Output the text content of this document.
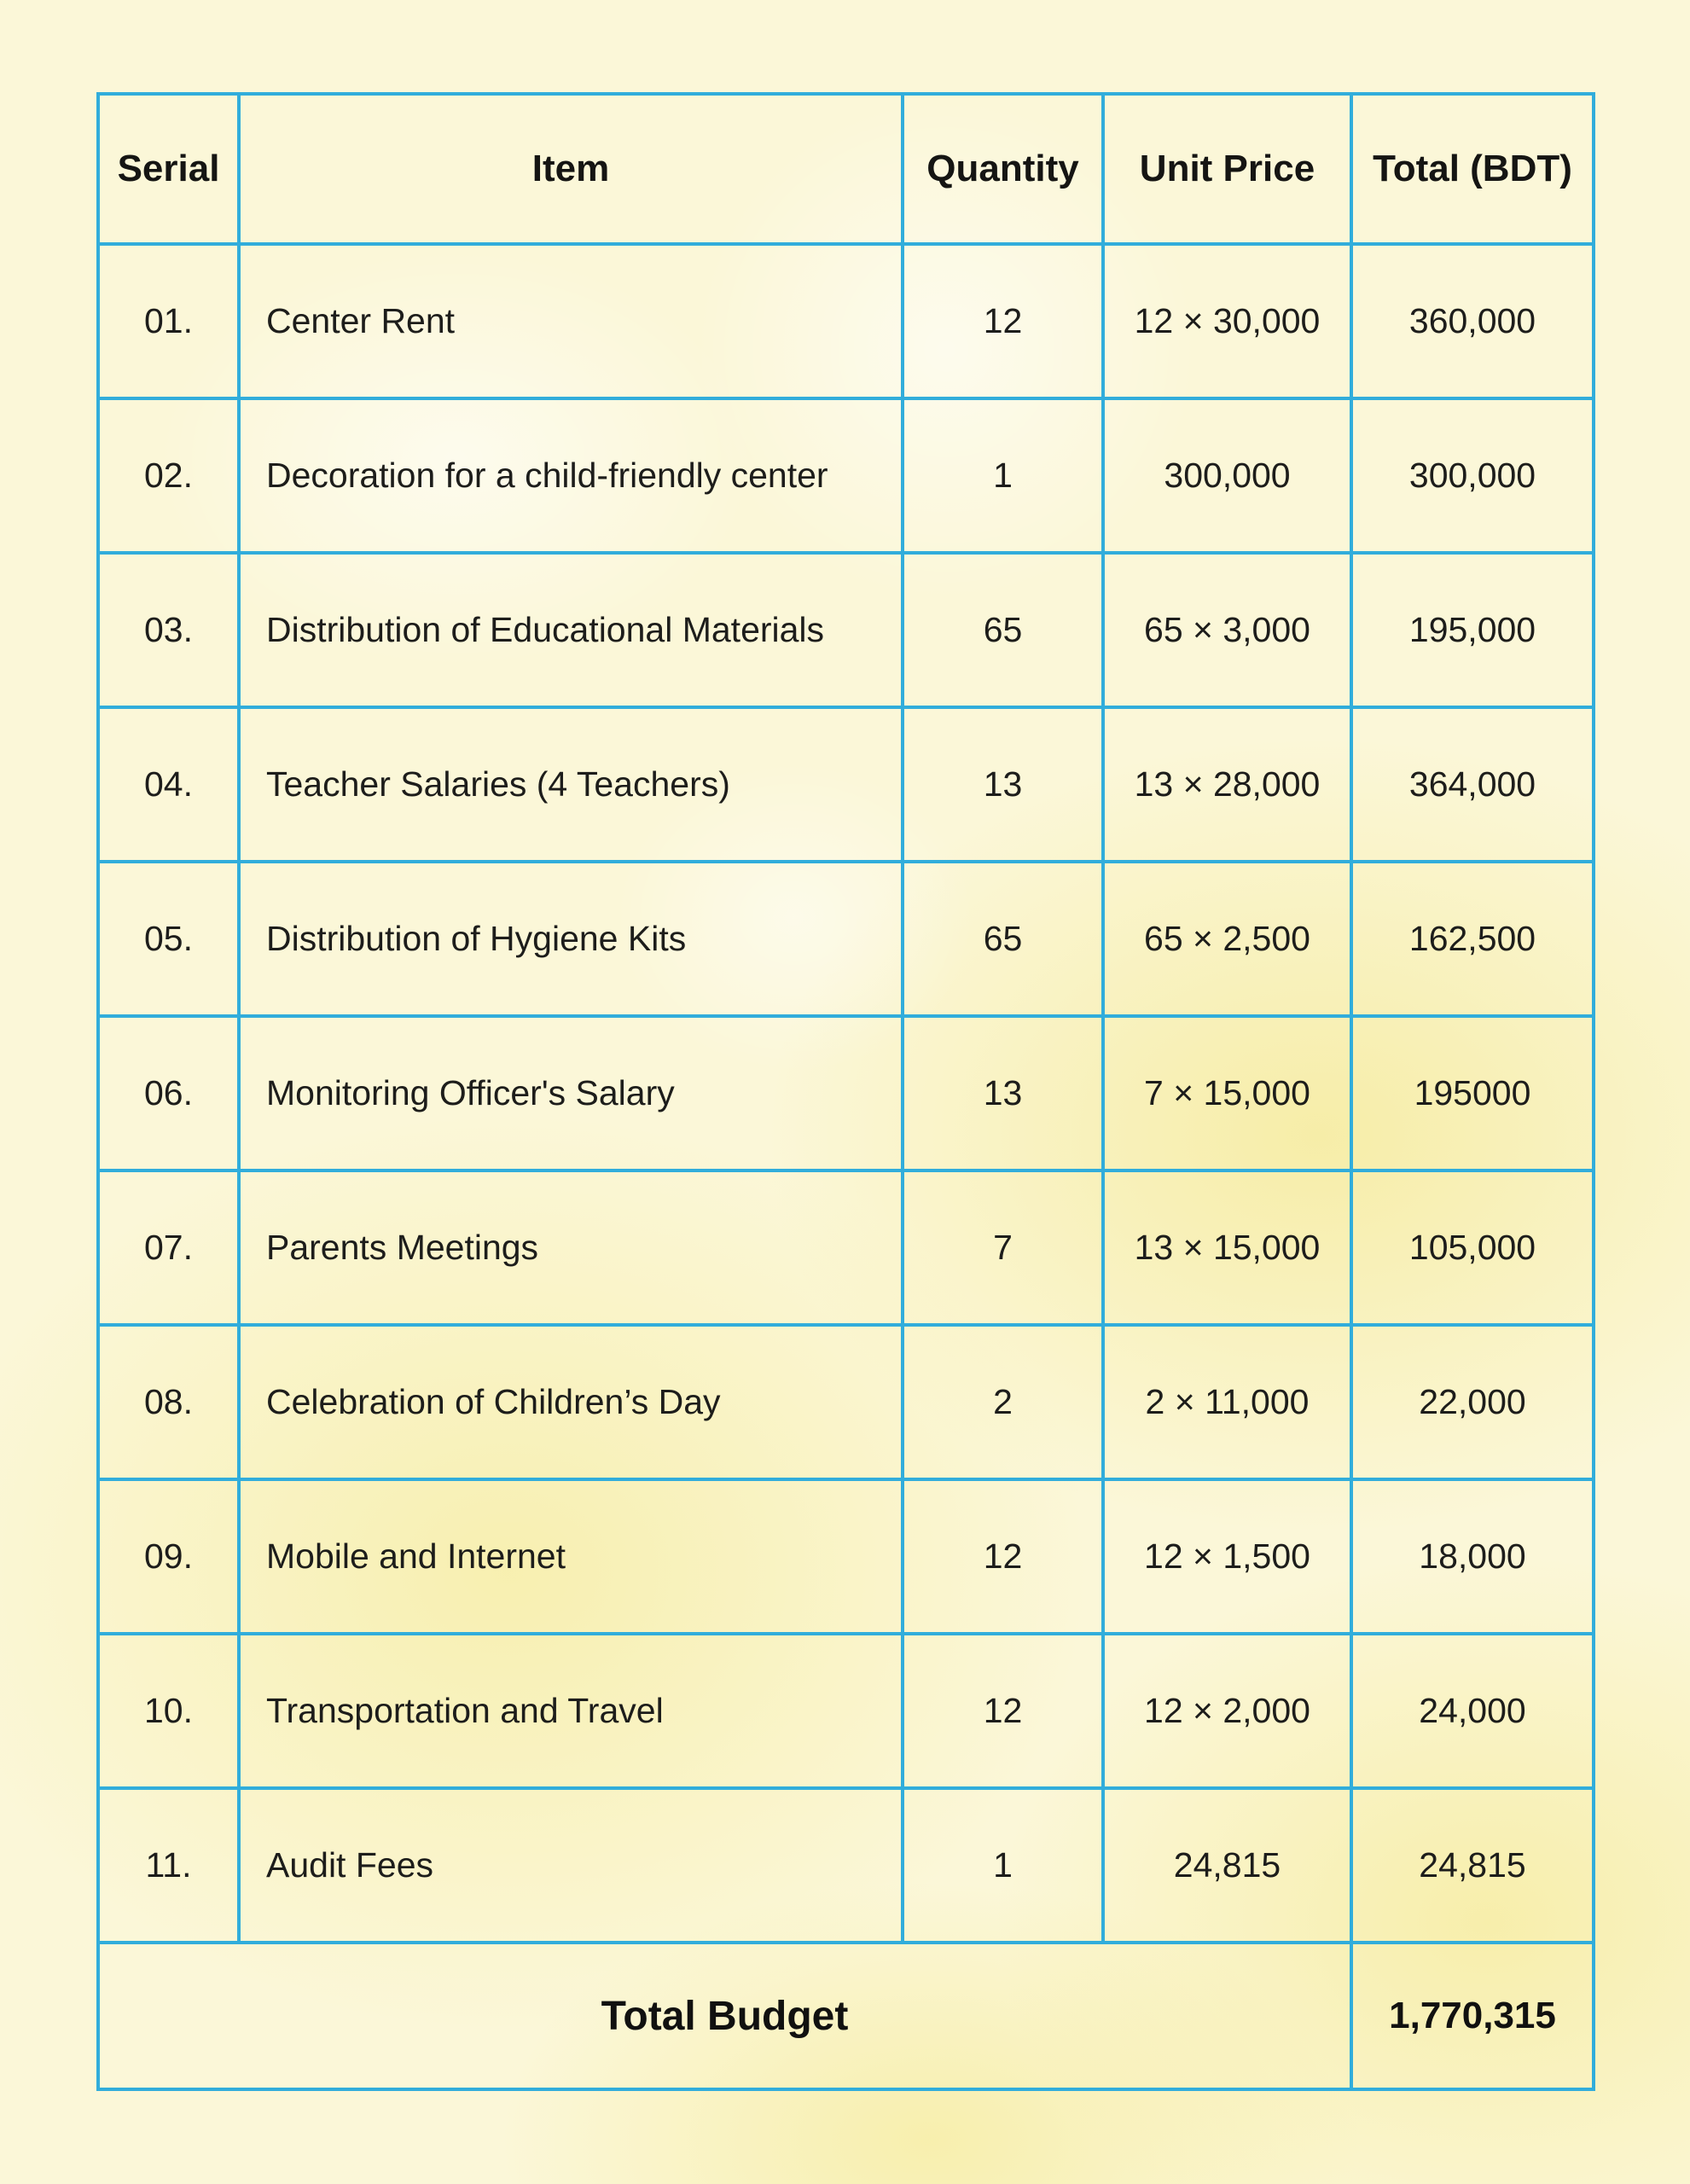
Serial	Item	Quantity	Unit Price	Total (BDT)
01.	Center Rent	12	12 × 30,000	360,000
02.	Decoration for a child-friendly center	1	300,000	300,000
03.	Distribution of Educational Materials	65	65 × 3,000	195,000
04.	Teacher Salaries (4 Teachers)	13	13 × 28,000	364,000
05.	Distribution of Hygiene Kits	65	65 × 2,500	162,500
06.	Monitoring Officer's Salary	13	7 × 15,000	195000
07.	Parents Meetings	7	13 × 15,000	105,000
08.	Celebration of Children’s Day	2	2 × 11,000	22,000
09.	Mobile and Internet	12	12 × 1,500	18,000
10.	Transportation and Travel	12	12 × 2,000	24,000
11.	Audit Fees	1	24,815	24,815
Total Budget				1,770,315
